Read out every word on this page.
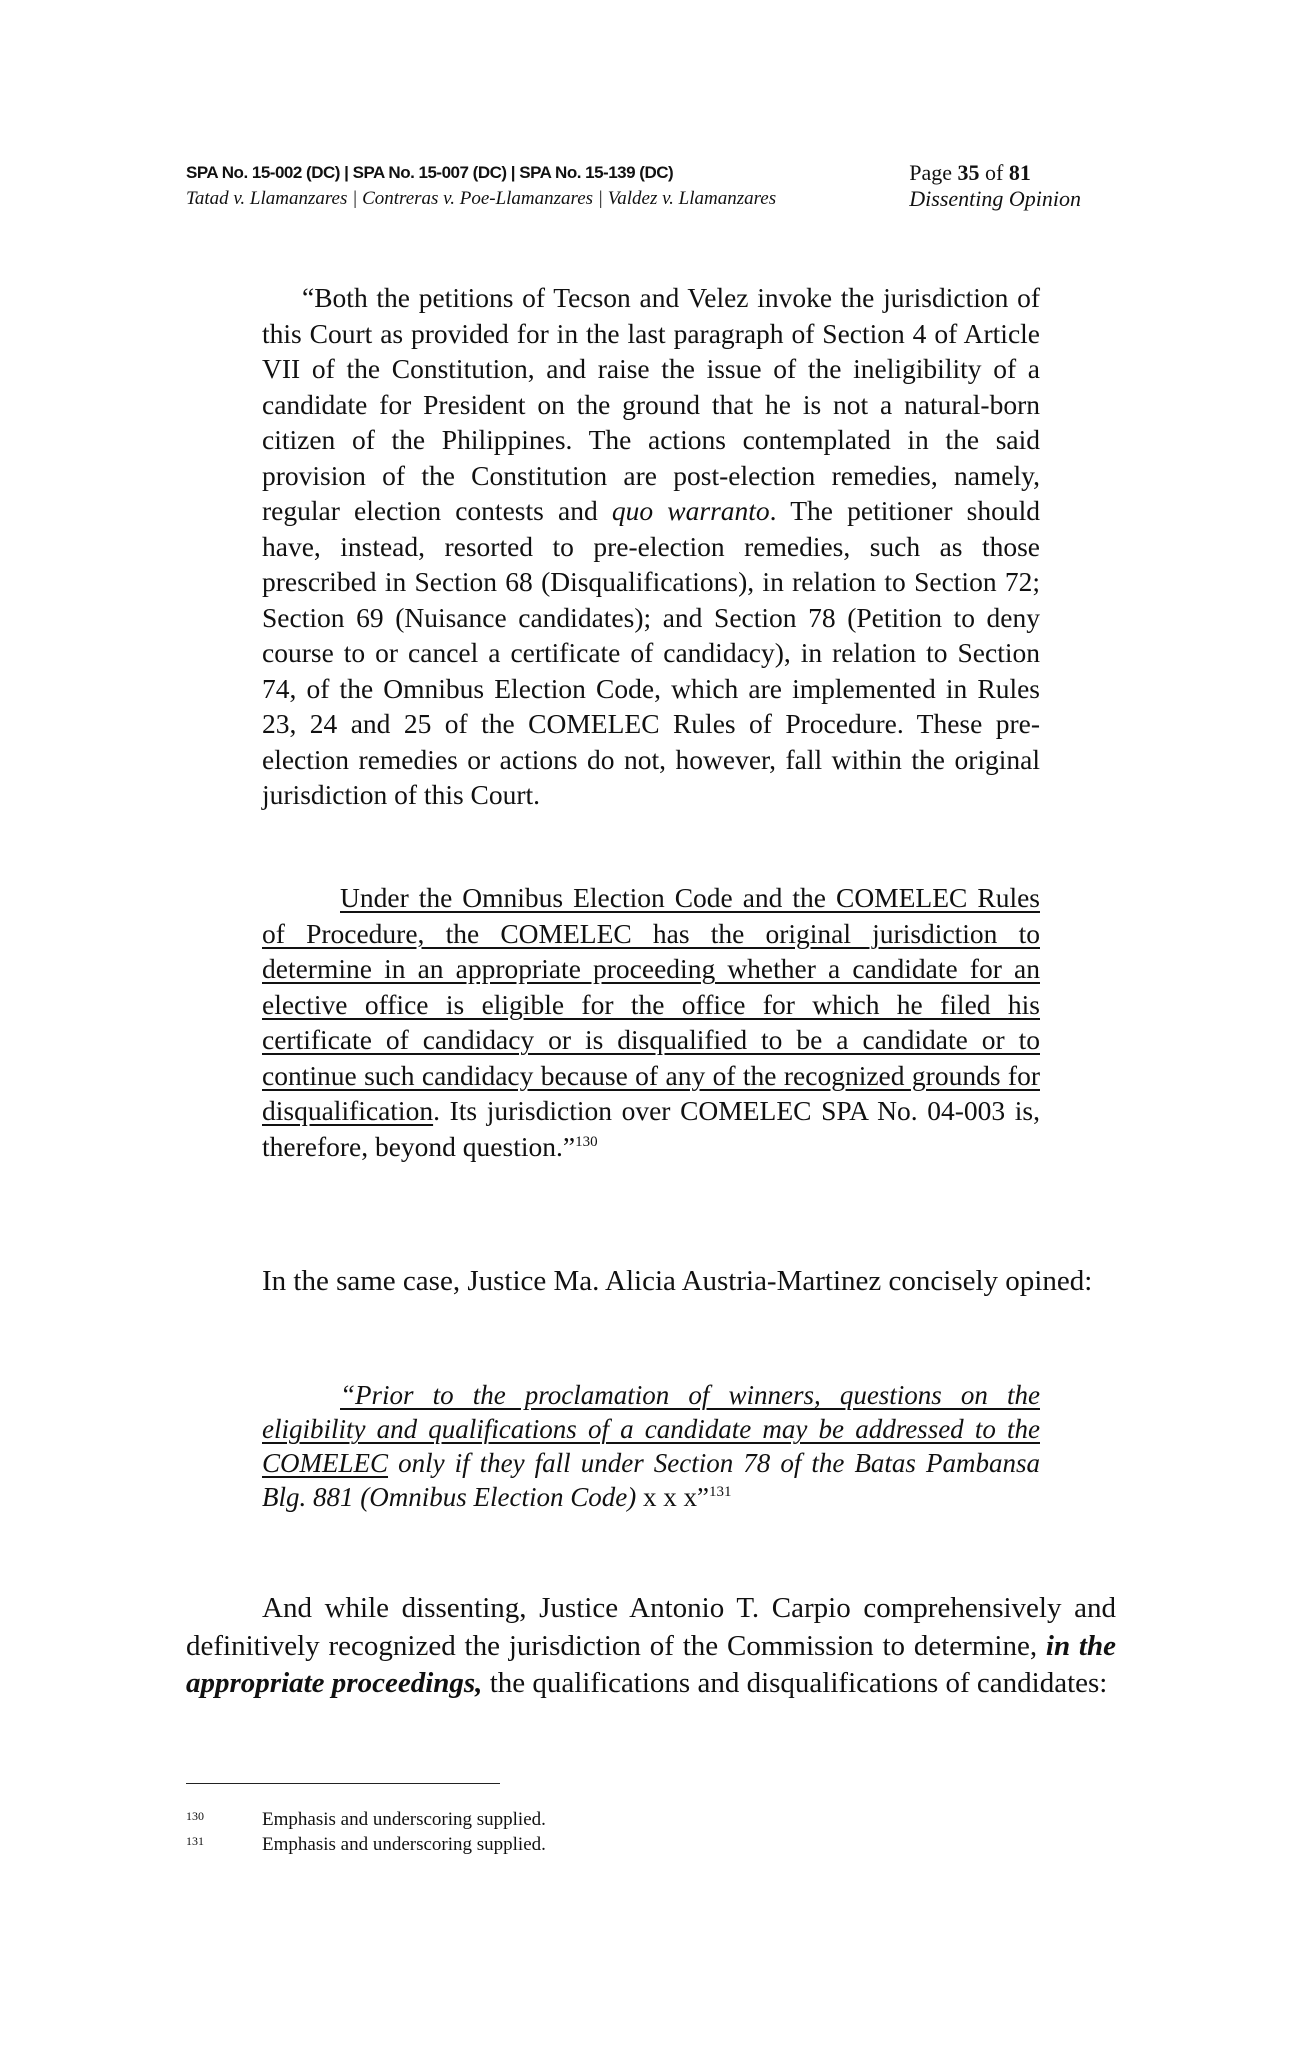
SPA No. 15-002 (DC) | SPA No. 15-007 (DC) | SPA No. 15-139 (DC)
Tatad v. Llamanzares | Contreras v. Poe-Llamanzares | Valdez v. Llamanzares
Page 35 of 81
Dissenting Opinion

“Both the petitions of Tecson and Velez invoke the jurisdiction of this Court as provided for in the last paragraph of Section 4 of Article VII of the Constitution, and raise the issue of the ineligibility of a candidate for President on the ground that he is not a natural-born citizen of the Philippines. The actions contemplated in the said provision of the Constitution are post-election remedies, namely, regular election contests and quo warranto. The petitioner should have, instead, resorted to pre-election remedies, such as those prescribed in Section 68 (Disqualifications), in relation to Section 72; Section 69 (Nuisance candidates); and Section 78 (Petition to deny course to or cancel a certificate of candidacy), in relation to Section 74, of the Omnibus Election Code, which are implemented in Rules 23, 24 and 25 of the COMELEC Rules of Procedure. These pre-election remedies or actions do not, however, fall within the original jurisdiction of this Court.

Under the Omnibus Election Code and the COMELEC Rules of Procedure, the COMELEC has the original jurisdiction to determine in an appropriate proceeding whether a candidate for an elective office is eligible for the office for which he filed his certificate of candidacy or is disqualified to be a candidate or to continue such candidacy because of any of the recognized grounds for disqualification. Its jurisdiction over COMELEC SPA No. 04-003 is, therefore, beyond question.”$^{130}$

In the same case, Justice Ma. Alicia Austria-Martinez concisely opined:

“Prior to the proclamation of winners, questions on the eligibility and qualifications of a candidate may be addressed to the COMELEC only if they fall under Section 78 of the Batas Pambansa Blg. 881 (Omnibus Election Code) x x x”$^{131}$

And while dissenting, Justice Antonio T. Carpio comprehensively and definitively recognized the jurisdiction of the Commission to determine, in the appropriate proceedings, the qualifications and disqualifications of candidates:

130	Emphasis and underscoring supplied.
131	Emphasis and underscoring supplied.
